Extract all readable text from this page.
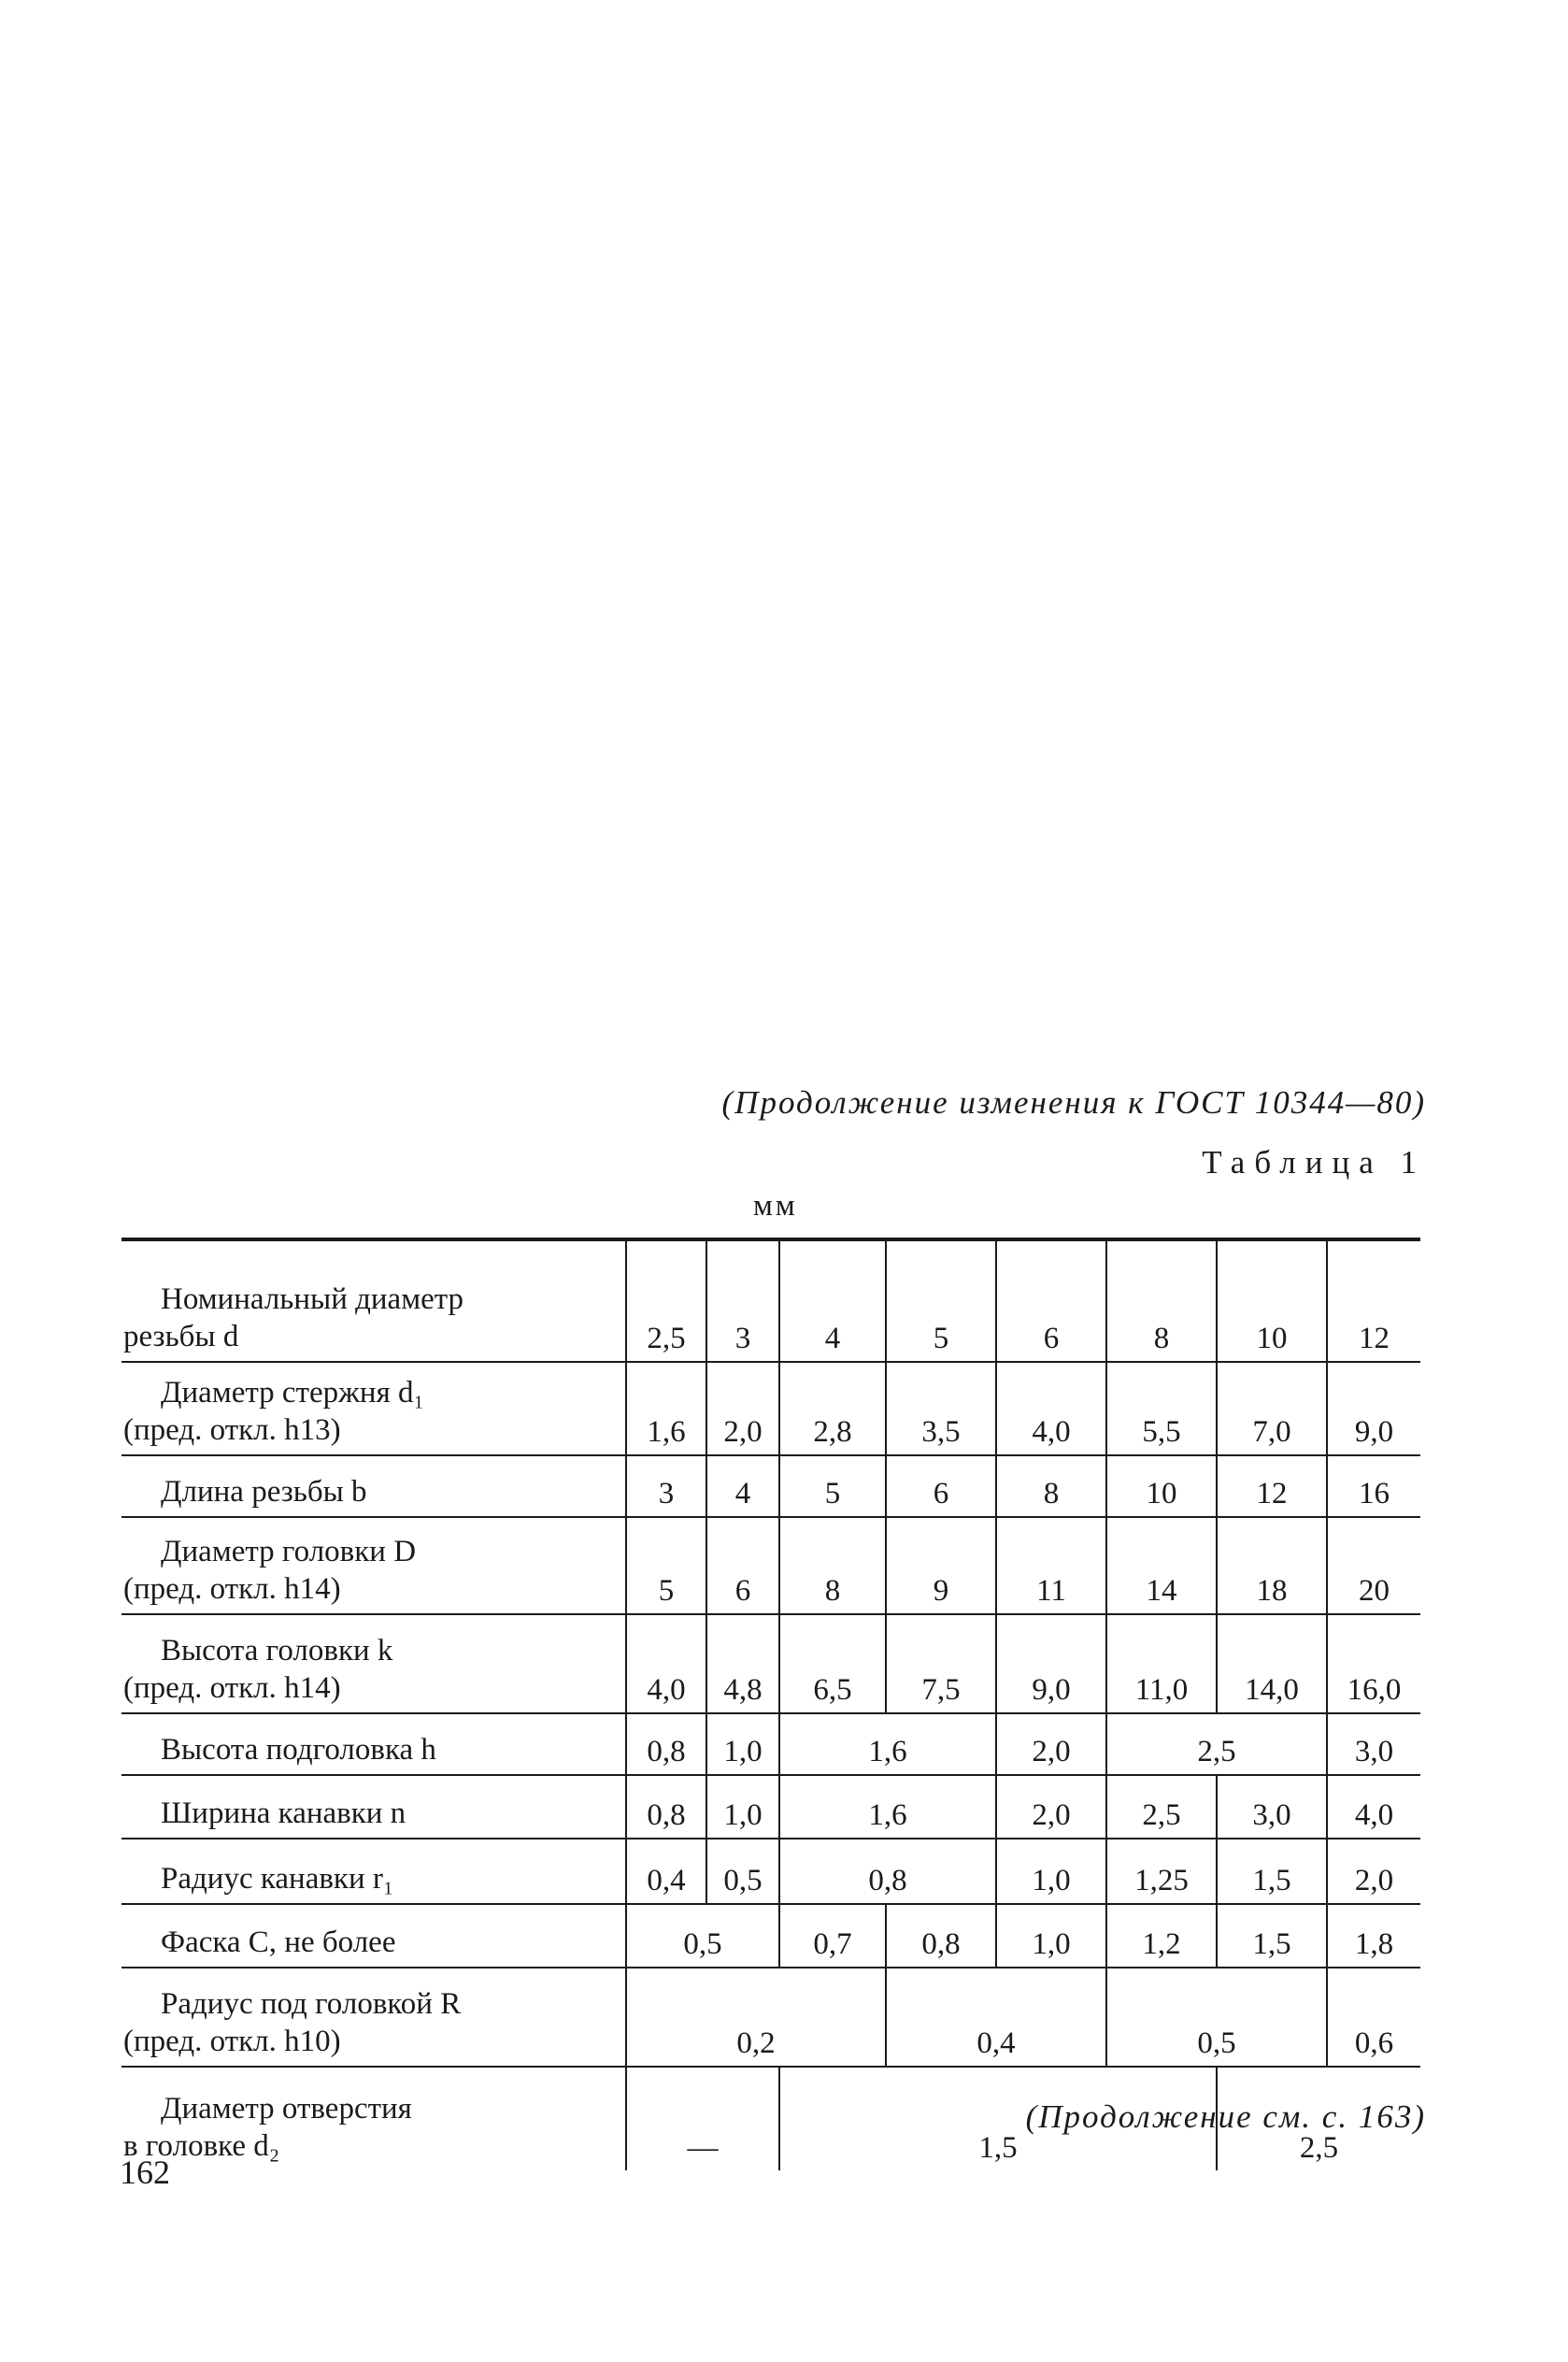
(Продолжение изменения к ГОСТ 10344—80)
Таблица 1
мм

Номинальный диаметр
резьбы d	2,5	3	4	5	6	8	10	12

Диаметр стержня d₁
(пред. откл. h13)	1,6	2,0	2,8	3,5	4,0	5,5	7,0	9,0

Длина резьбы b	3	4	5	6	8	10	12	16

Диаметр головки D
(пред. откл. h14)	5	6	8	9	11	14	18	20

Высота головки k
(пред. откл. h14)	4,0	4,8	6,5	7,5	9,0	11,0	14,0	16,0

Высота подголовка h	0,8	1,0	1,6		2,0	2,5		3,0

Ширина канавки n	0,8	1,0	1,6		2,0	2,5	3,0	4,0

Радиус канавки r₁	0,4	0,5	0,8		1,0	1,25	1,5	2,0

Фаска C, не более	0,5		0,7	0,8	1,0	1,2	1,5	1,8

Радиус под головкой R
(пред. откл. h10)	0,2			0,4		0,5		0,6

Диаметр отверстия
в головке d₂	—		1,5				2,5	
(Продолжение см. с. 163)
162
